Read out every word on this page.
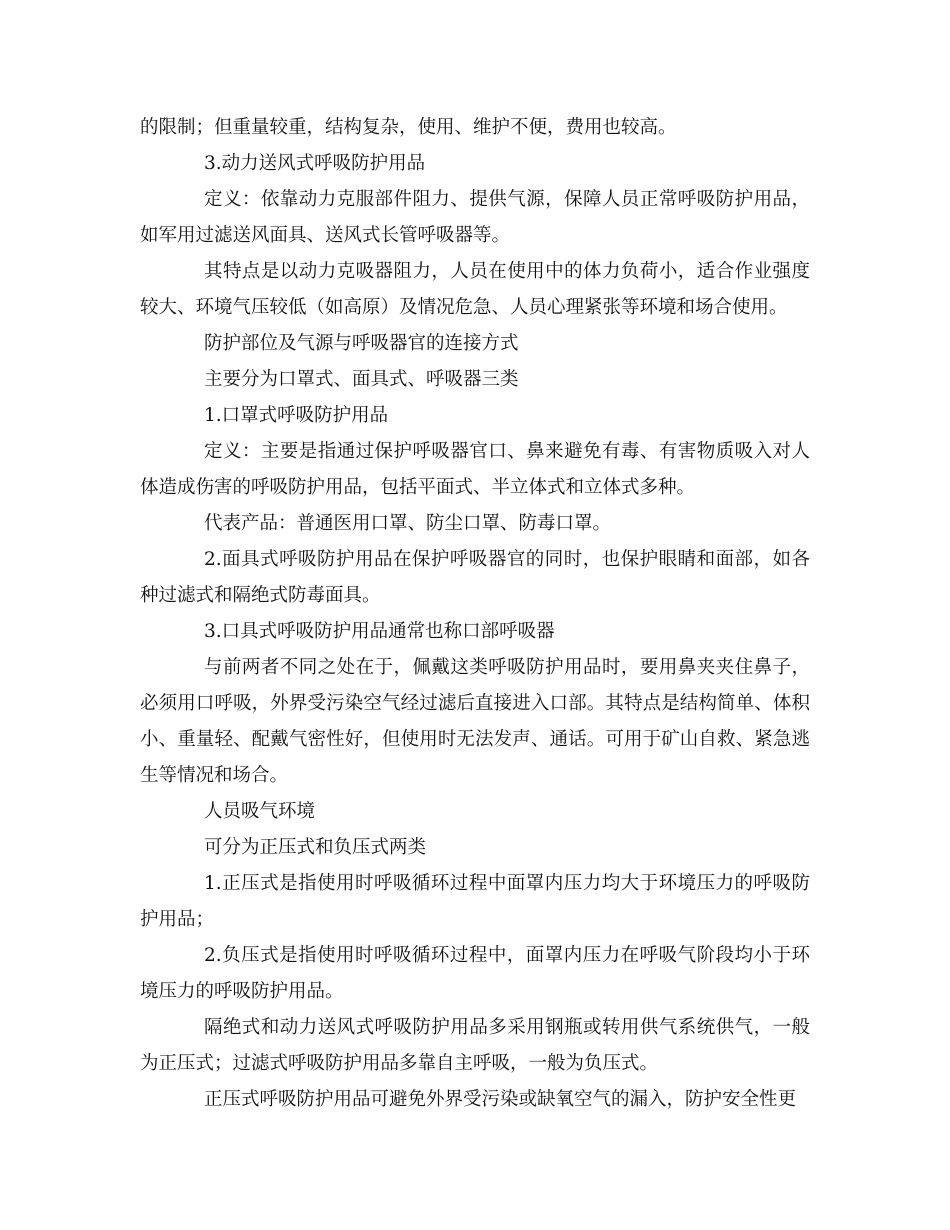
的限制；但重量较重，结构复杂，使用、维护不便，费用也较高。

3.动力送风式呼吸防护用品

定义：依靠动力克服部件阻力、提供气源，保障人员正常呼吸防护用品，如军用过滤送风面具、送风式长管呼吸器等。

其特点是以动力克吸器阻力，人员在使用中的体力负荷小，适合作业强度较大、环境气压较低（如高原）及情况危急、人员心理紧张等环境和场合使用。

防护部位及气源与呼吸器官的连接方式

主要分为口罩式、面具式、呼吸器三类

1.口罩式呼吸防护用品

定义：主要是指通过保护呼吸器官口、鼻来避免有毒、有害物质吸入对人体造成伤害的呼吸防护用品，包括平面式、半立体式和立体式多种。

代表产品：普通医用口罩、防尘口罩、防毒口罩。

2.面具式呼吸防护用品在保护呼吸器官的同时，也保护眼睛和面部，如各种过滤式和隔绝式防毒面具。

3.口具式呼吸防护用品通常也称口部呼吸器

与前两者不同之处在于，佩戴这类呼吸防护用品时，要用鼻夹夹住鼻子，必须用口呼吸，外界受污染空气经过滤后直接进入口部。其特点是结构简单、体积小、重量轻、配戴气密性好，但使用时无法发声、通话。可用于矿山自救、紧急逃生等情况和场合。

人员吸气环境

可分为正压式和负压式两类

1.正压式是指使用时呼吸循环过程中面罩内压力均大于环境压力的呼吸防护用品；

2.负压式是指使用时呼吸循环过程中，面罩内压力在呼吸气阶段均小于环境压力的呼吸防护用品。

隔绝式和动力送风式呼吸防护用品多采用钢瓶或转用供气系统供气，一般为正压式；过滤式呼吸防护用品多靠自主呼吸，一般为负压式。

正压式呼吸防护用品可避免外界受污染或缺氧空气的漏入，防护安全性更
